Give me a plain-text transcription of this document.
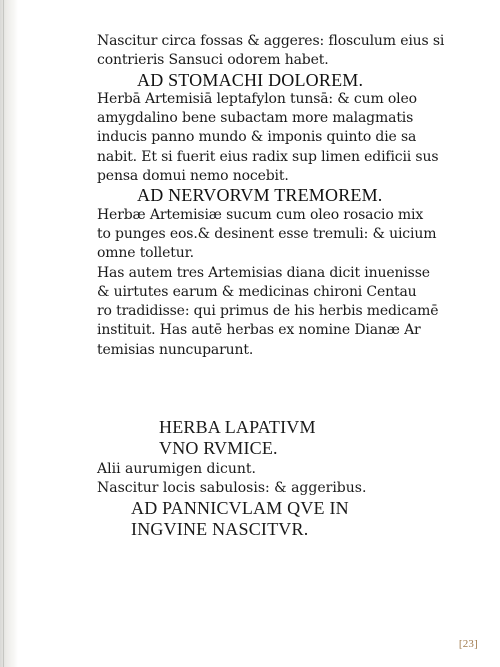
Nascitur circa fossas & aggeres: flosculum eius si
contrieris Sansuci odorem habet.
AD STOMACHI DOLOREM.
Herbā Artemisiā leptafylon tunsā: & cum oleo
amygdalino bene subactam more malagmatis
inducis panno mundo & imponis quinto die sa
nabit. Et si fuerit eius radix sup limen edificii sus
pensa domui nemo nocebit.
AD NERVORVM TREMOREM.
Herbæ Artemisiæ sucum cum oleo rosacio mix
to punges eos.& desinent esse tremuli: & uicium
omne tolletur.
Has autem tres Artemisias diana dicit inuenisse
& uirtutes earum & medicinas chironi Centau
ro tradidisse: qui primus de his herbis medicamē
instituit. Has autē herbas ex nomine Dianæ Ar
temisias nuncuparunt.
HERBA LAPATIVM
VNO RVMICE.
Alii aurumigen dicunt.
Nascitur locis sabulosis: & aggeribus.
AD PANNICVLAM QVE IN
INGVINE NASCITVR.
[23]
